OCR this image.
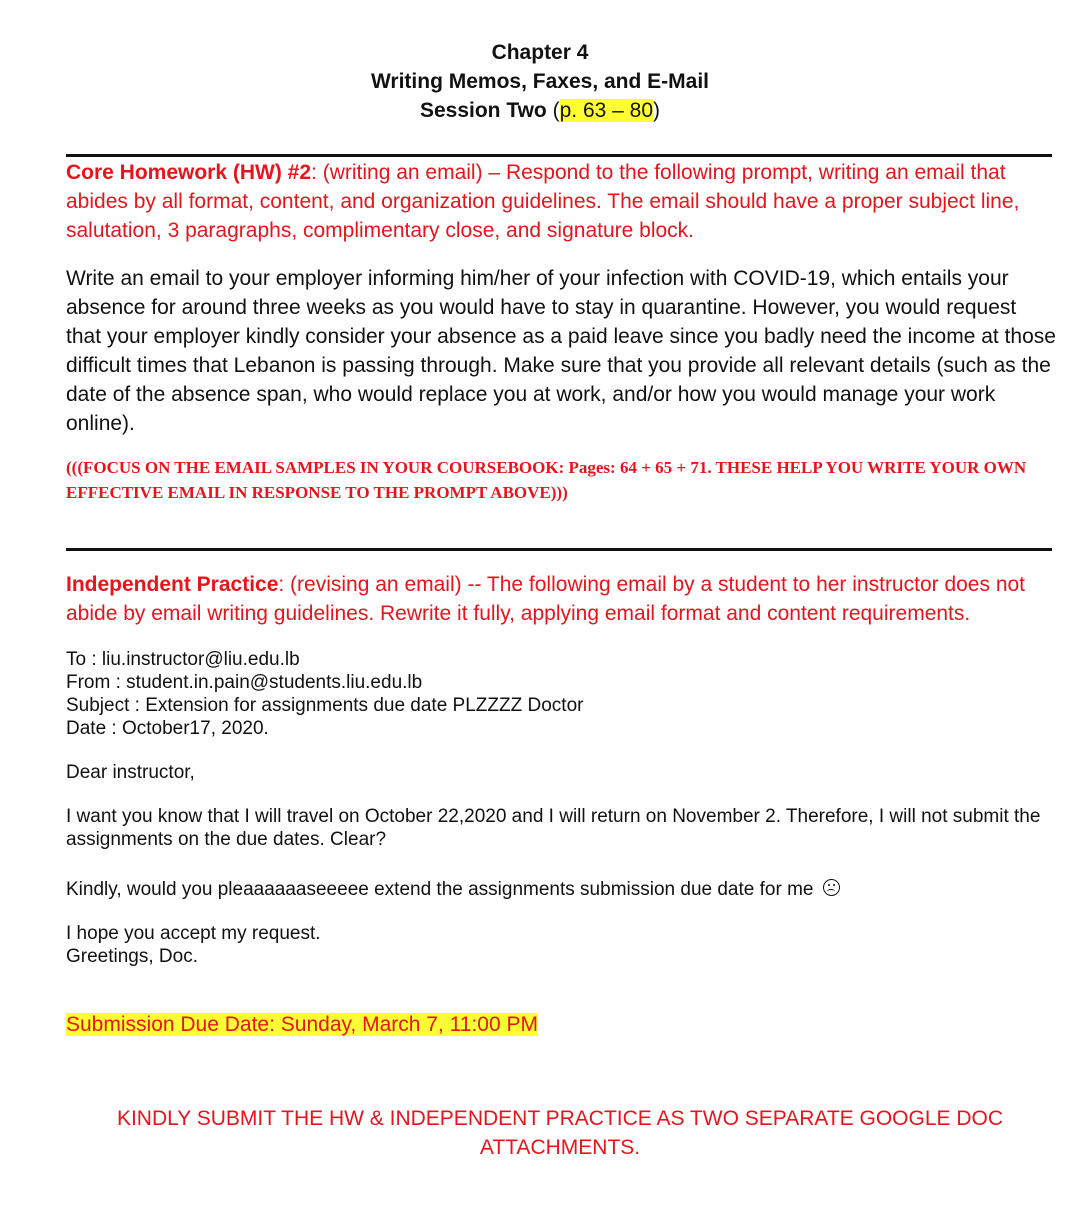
Chapter 4
Writing Memos, Faxes, and E-Mail
Session Two (p. 63 – 80)
Core Homework (HW) #2: (writing an email) – Respond to the following prompt, writing an email that abides by all format, content, and organization guidelines. The email should have a proper subject line, salutation, 3 paragraphs, complimentary close, and signature block.
Write an email to your employer informing him/her of your infection with COVID-19, which entails your absence for around three weeks as you would have to stay in quarantine. However, you would request that your employer kindly consider your absence as a paid leave since you badly need the income at those difficult times that Lebanon is passing through. Make sure that you provide all relevant details (such as the date of the absence span, who would replace you at work, and/or how you would manage your work online).
(((FOCUS ON THE EMAIL SAMPLES IN YOUR COURSEBOOK: Pages: 64 + 65 + 71. THESE HELP YOU WRITE YOUR OWN EFFECTIVE EMAIL IN RESPONSE TO THE PROMPT ABOVE)))
Independent Practice: (revising an email) -- The following email by a student to her instructor does not abide by email writing guidelines. Rewrite it fully, applying email format and content requirements.
To : liu.instructor@liu.edu.lb
From : student.in.pain@students.liu.edu.lb
Subject : Extension for assignments due date PLZZZZ Doctor
Date : October17, 2020.
Dear instructor,
I want you know that I will travel on October 22,2020 and I will return on November 2. Therefore, I will not submit the assignments on the due dates. Clear?
Kindly, would you pleaaaaaaseeeee extend the assignments submission due date for me
I hope you accept my request.
Greetings, Doc.
Submission Due Date: Sunday, March 7, 11:00 PM
KINDLY SUBMIT THE HW & INDEPENDENT PRACTICE AS TWO SEPARATE GOOGLE DOC ATTACHMENTS.
